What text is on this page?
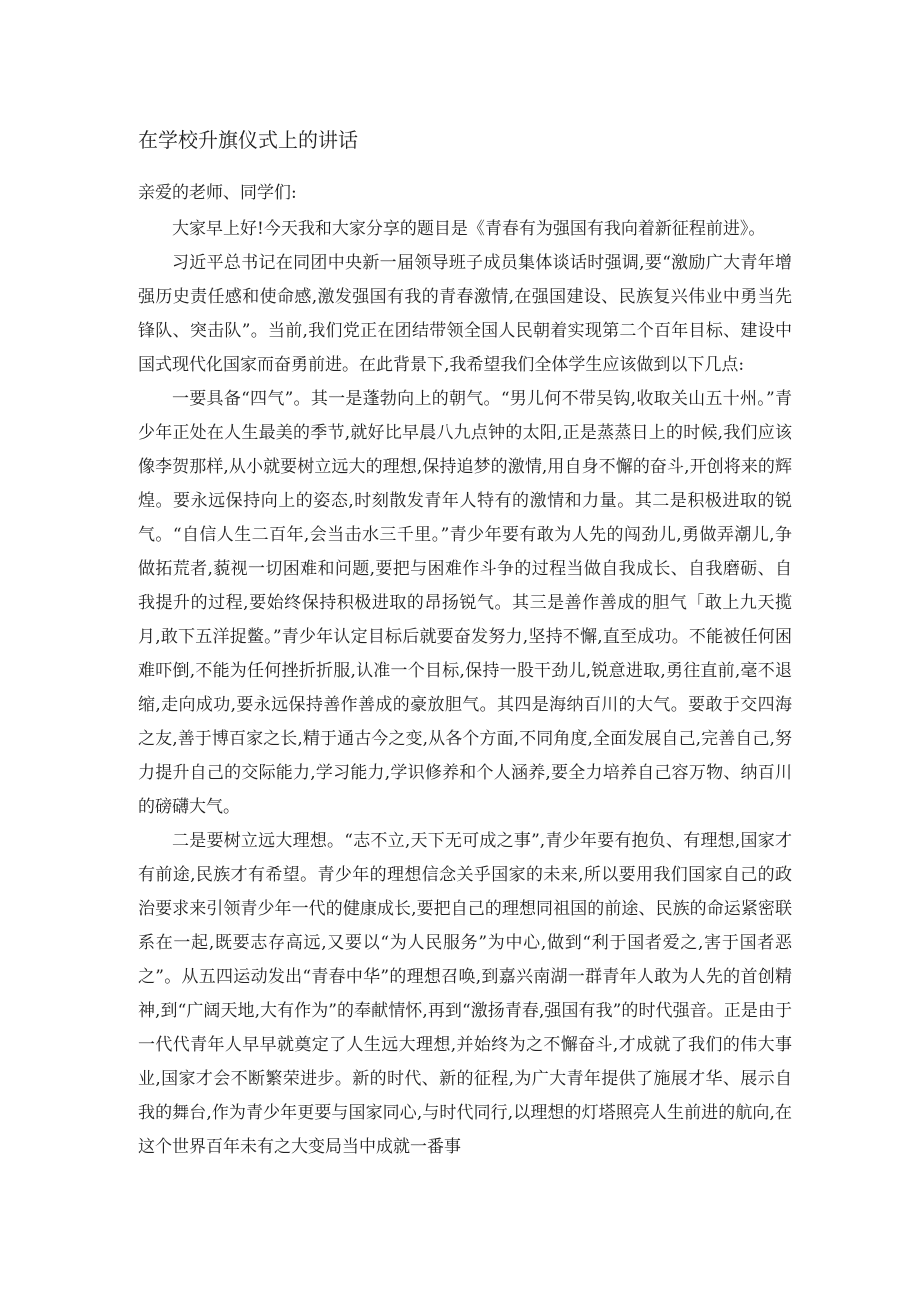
在学校升旗仪式上的讲话
亲爱的老师、同学们:

大家早上好!今天我和大家分享的题目是《青春有为强国有我向着新征程前进》。

习近平总书记在同团中央新一届领导班子成员集体谈话时强调,要“激励广大青年增强历史责任感和使命感,激发强国有我的青春激情,在强国建设、民族复兴伟业中勇当先锋队、突击队”。当前,我们党正在团结带领全国人民朝着实现第二个百年目标、建设中国式现代化国家而奋勇前进。在此背景下,我希望我们全体学生应该做到以下几点:

一要具备“四气”。其一是蓬勃向上的朝气。“男儿何不带吴钩,收取关山五十州。”青少年正处在人生最美的季节,就好比早晨八九点钟的太阳,正是蒸蒸日上的时候,我们应该像李贺那样,从小就要树立远大的理想,保持追梦的激情,用自身不懈的奋斗,开创将来的辉煌。要永远保持向上的姿态,时刻散发青年人特有的激情和力量。其二是积极进取的锐气。“自信人生二百年,会当击水三千里。”青少年要有敢为人先的闯劲儿,勇做弄潮儿,争做拓荒者,藐视一切困难和问题,要把与困难作斗争的过程当做自我成长、自我磨砺、自我提升的过程,要始终保持积极进取的昂扬锐气。其三是善作善成的胆气「敢上九天揽月,敢下五洋捉鳖。”青少年认定目标后就要奋发努力,坚持不懈,直至成功。不能被任何困难吓倒,不能为任何挫折折服,认准一个目标,保持一股干劲儿,锐意进取,勇往直前,毫不退缩,走向成功,要永远保持善作善成的豪放胆气。其四是海纳百川的大气。要敢于交四海之友,善于博百家之长,精于通古今之变,从各个方面,不同角度,全面发展自己,完善自己,努力提升自己的交际能力,学习能力,学识修养和个人涵养,要全力培养自己容万物、纳百川的磅礴大气。

二是要树立远大理想。“志不立,天下无可成之事”,青少年要有抱负、有理想,国家才有前途,民族才有希望。青少年的理想信念关乎国家的未来,所以要用我们国家自己的政治要求来引领青少年一代的健康成长,要把自己的理想同祖国的前途、民族的命运紧密联系在一起,既要志存高远,又要以“为人民服务”为中心,做到“利于国者爱之,害于国者恶之”。从五四运动发出“青春中华”的理想召唤,到嘉兴南湖一群青年人敢为人先的首创精神,到“广阔天地,大有作为”的奉献情怀,再到“激扬青春,强国有我”的时代强音。正是由于一代代青年人早早就奠定了人生远大理想,并始终为之不懈奋斗,才成就了我们的伟大事业,国家才会不断繁荣进步。新的时代、新的征程,为广大青年提供了施展才华、展示自我的舞台,作为青少年更要与国家同心,与时代同行,以理想的灯塔照亮人生前进的航向,在这个世界百年未有之大变局当中成就一番事
